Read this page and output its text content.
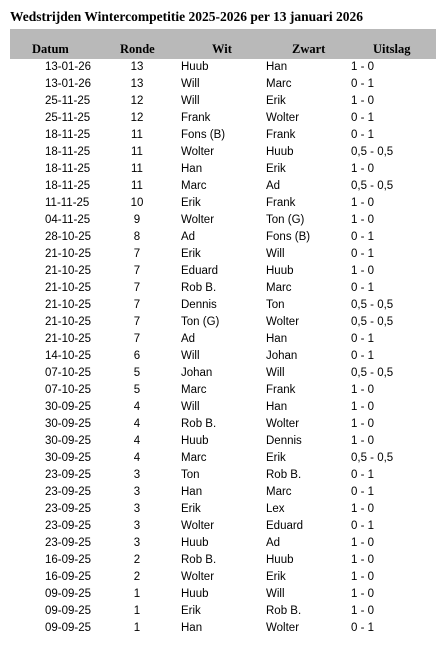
Wedstrijden Wintercompetitie 2025-2026 per 13 januari 2026
Datum	Ronde	Wit	Zwart	Uitslag
13-01-26	13	Huub	Han	1 - 0
13-01-26	13	Will	Marc	0 - 1
25-11-25	12	Will	Erik	1 - 0
25-11-25	12	Frank	Wolter	0 - 1
18-11-25	11	Fons (B)	Frank	0 - 1
18-11-25	11	Wolter	Huub	0,5 - 0,5
18-11-25	11	Han	Erik	1 - 0
18-11-25	11	Marc	Ad	0,5 - 0,5
11-11-25	10	Erik	Frank	1 - 0
04-11-25	9	Wolter	Ton (G)	1 - 0
28-10-25	8	Ad	Fons (B)	0 - 1
21-10-25	7	Erik	Will	0 - 1
21-10-25	7	Eduard	Huub	1 - 0
21-10-25	7	Rob B.	Marc	0 - 1
21-10-25	7	Dennis	Ton	0,5 - 0,5
21-10-25	7	Ton (G)	Wolter	0,5 - 0,5
21-10-25	7	Ad	Han	0 - 1
14-10-25	6	Will	Johan	0 - 1
07-10-25	5	Johan	Will	0,5 - 0,5
07-10-25	5	Marc	Frank	1 - 0
30-09-25	4	Will	Han	1 - 0
30-09-25	4	Rob B.	Wolter	1 - 0
30-09-25	4	Huub	Dennis	1 - 0
30-09-25	4	Marc	Erik	0,5 - 0,5
23-09-25	3	Ton	Rob B.	0 - 1
23-09-25	3	Han	Marc	0 - 1
23-09-25	3	Erik	Lex	1 - 0
23-09-25	3	Wolter	Eduard	0 - 1
23-09-25	3	Huub	Ad	1 - 0
16-09-25	2	Rob B.	Huub	1 - 0
16-09-25	2	Wolter	Erik	1 - 0
09-09-25	1	Huub	Will	1 - 0
09-09-25	1	Erik	Rob B.	1 - 0
09-09-25	1	Han	Wolter	0 - 1
